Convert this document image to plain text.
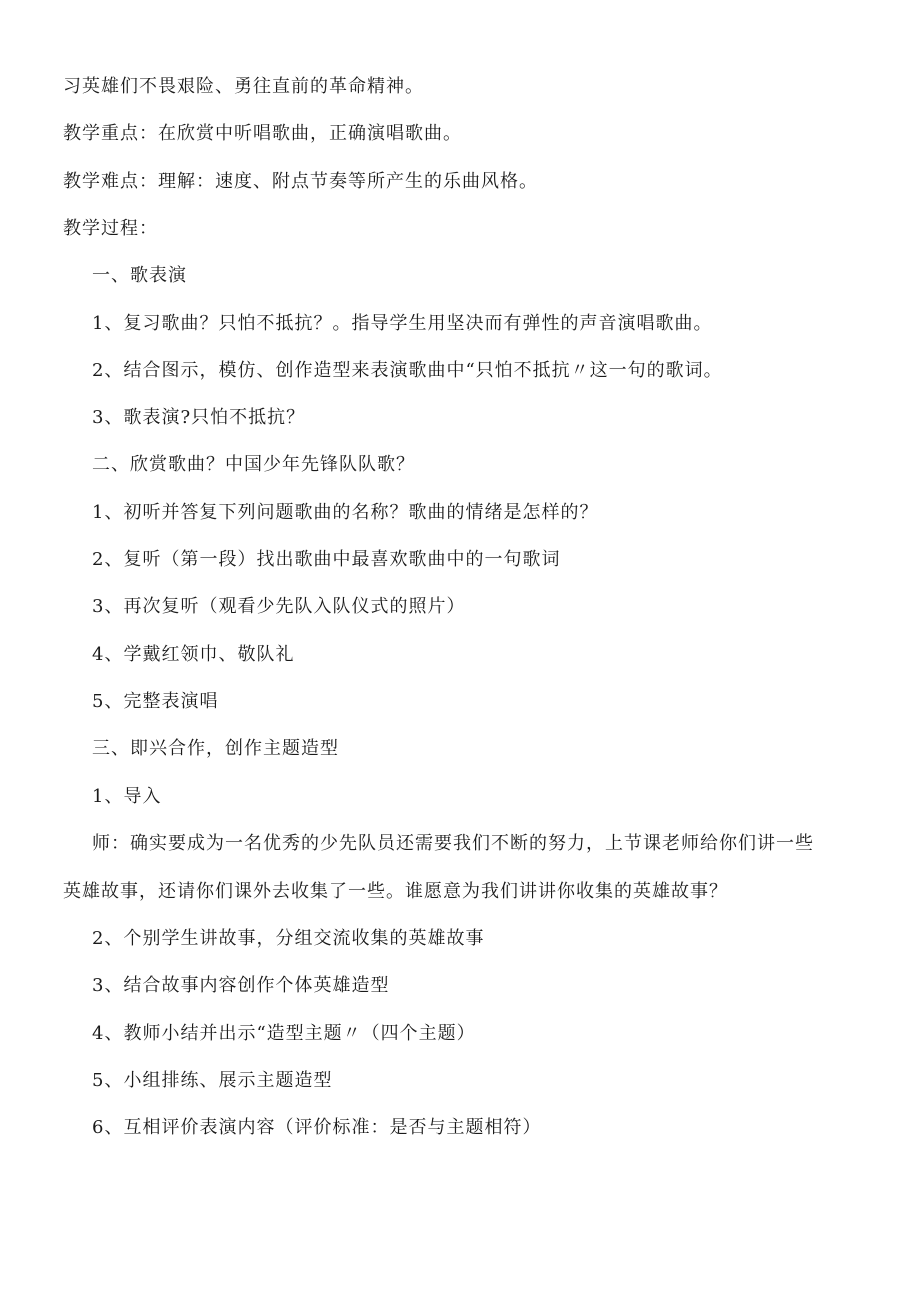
习英雄们不畏艰险、勇往直前的革命精神。
教学重点：在欣赏中听唱歌曲，正确演唱歌曲。
教学难点：理解：速度、附点节奏等所产生的乐曲风格。
教学过程：
一、歌表演
1、复习歌曲？只怕不抵抗？。指导学生用坚决而有弹性的声音演唱歌曲。
2、结合图示，模仿、创作造型来表演歌曲中“只怕不抵抗〃这一句的歌词。
3、歌表演?只怕不抵抗？
二、欣赏歌曲？中国少年先锋队队歌？
1、初听并答复下列问题歌曲的名称？歌曲的情绪是怎样的？
2、复听（第一段）找出歌曲中最喜欢歌曲中的一句歌词
3、再次复听（观看少先队入队仪式的照片）
4、学戴红领巾、敬队礼
5、完整表演唱
三、即兴合作，创作主题造型
1、导入
师：确实要成为一名优秀的少先队员还需要我们不断的努力，上节课老师给你们讲一些
英雄故事，还请你们课外去收集了一些。谁愿意为我们讲讲你收集的英雄故事？
2、个别学生讲故事，分组交流收集的英雄故事
3、结合故事内容创作个体英雄造型
4、教师小结并出示“造型主题〃（四个主题）
5、小组排练、展示主题造型
6、互相评价表演内容（评价标准：是否与主题相符）
